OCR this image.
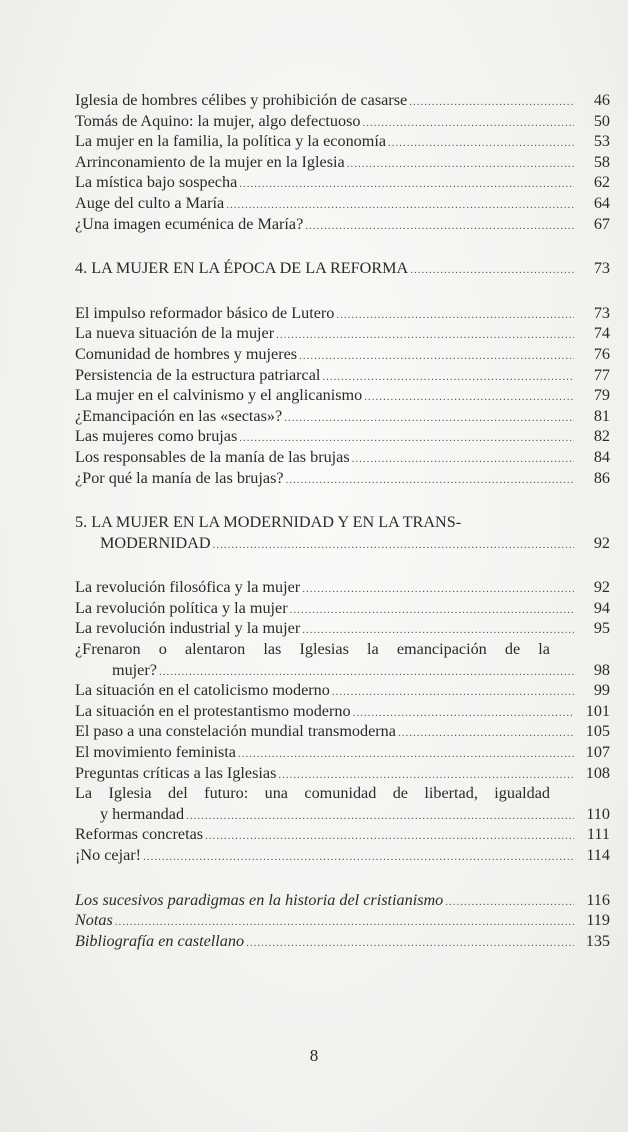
Iglesia de hombres célibes y prohibición de casarse .....	46
Tomás de Aquino: la mujer, algo defectuoso .....	50
La mujer en la familia, la política y la economía .....	53
Arrinconamiento de la mujer en la Iglesia .....	58
La mística bajo sospecha .....	62
Auge del culto a María .....	64
¿Una imagen ecuménica de María? .....	67
4. LA MUJER EN LA ÉPOCA DE LA REFORMA .....	73
El impulso reformador básico de Lutero .....	73
La nueva situación de la mujer .....	74
Comunidad de hombres y mujeres .....	76
Persistencia de la estructura patriarcal .....	77
La mujer en el calvinismo y el anglicanismo .....	79
¿Emancipación en las «sectas»? .....	81
Las mujeres como brujas .....	82
Los responsables de la manía de las brujas .....	84
¿Por qué la manía de las brujas? .....	86
5. LA MUJER EN LA MODERNIDAD Y EN LA TRANS-
MODERNIDAD .....	92
La revolución filosófica y la mujer .....	92
La revolución política y la mujer .....	94
La revolución industrial y la mujer .....	95
¿Frenaron o alentaron las Iglesias la emancipación de la
mujer? .....	98
La situación en el catolicismo moderno .....	99
La situación en el protestantismo moderno .....	101
El paso a una constelación mundial transmoderna .....	105
El movimiento feminista .....	107
Preguntas críticas a las Iglesias .....	108
La Iglesia del futuro: una comunidad de libertad, igualdad
y hermandad .....	110
Reformas concretas .....	111
¡No cejar! .....	114
Los sucesivos paradigmas en la historia del cristianismo .....	116
Notas .....	119
Bibliografía en castellano .....	135
8
